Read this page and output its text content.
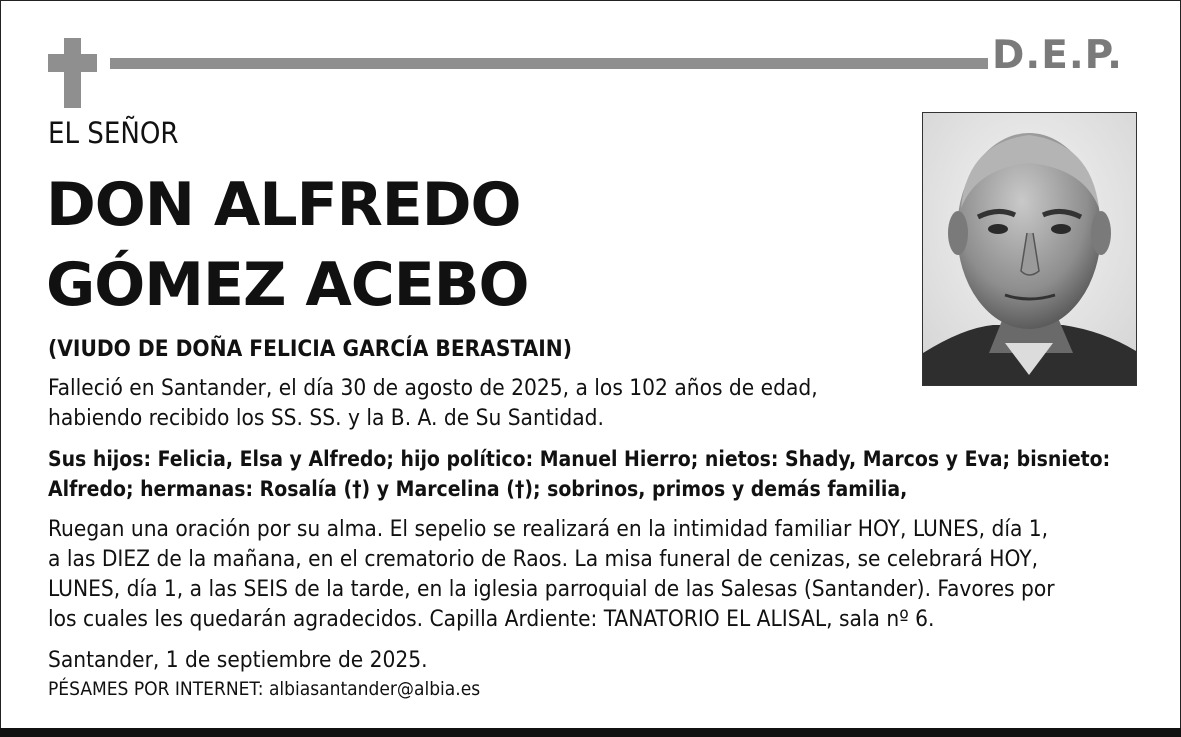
D.E.P.
EL SEÑOR
DON ALFREDO
GÓMEZ ACEBO
(VIUDO DE DOÑA FELICIA GARCÍA BERASTAIN)
Falleció en Santander, el día 30 de agosto de 2025, a los 102 años de edad,
habiendo recibido los SS. SS. y la B. A. de Su Santidad.
Sus hijos: Felicia, Elsa y Alfredo; hijo político: Manuel Hierro; nietos: Shady, Marcos y Eva; bisnieto:
Alfredo; hermanas: Rosalía (†) y Marcelina (†); sobrinos, primos y demás familia,
Ruegan una oración por su alma. El sepelio se realizará en la intimidad familiar HOY, LUNES, día 1,
a las DIEZ de la mañana, en el crematorio de Raos. La misa funeral de cenizas, se celebrará HOY,
LUNES, día 1, a las SEIS de la tarde, en la iglesia parroquial de las Salesas (Santander). Favores por
los cuales les quedarán agradecidos. Capilla Ardiente: TANATORIO EL ALISAL, sala nº 6.
Santander, 1 de septiembre de 2025.
PÉSAMES POR INTERNET: albiasantander@albia.es
